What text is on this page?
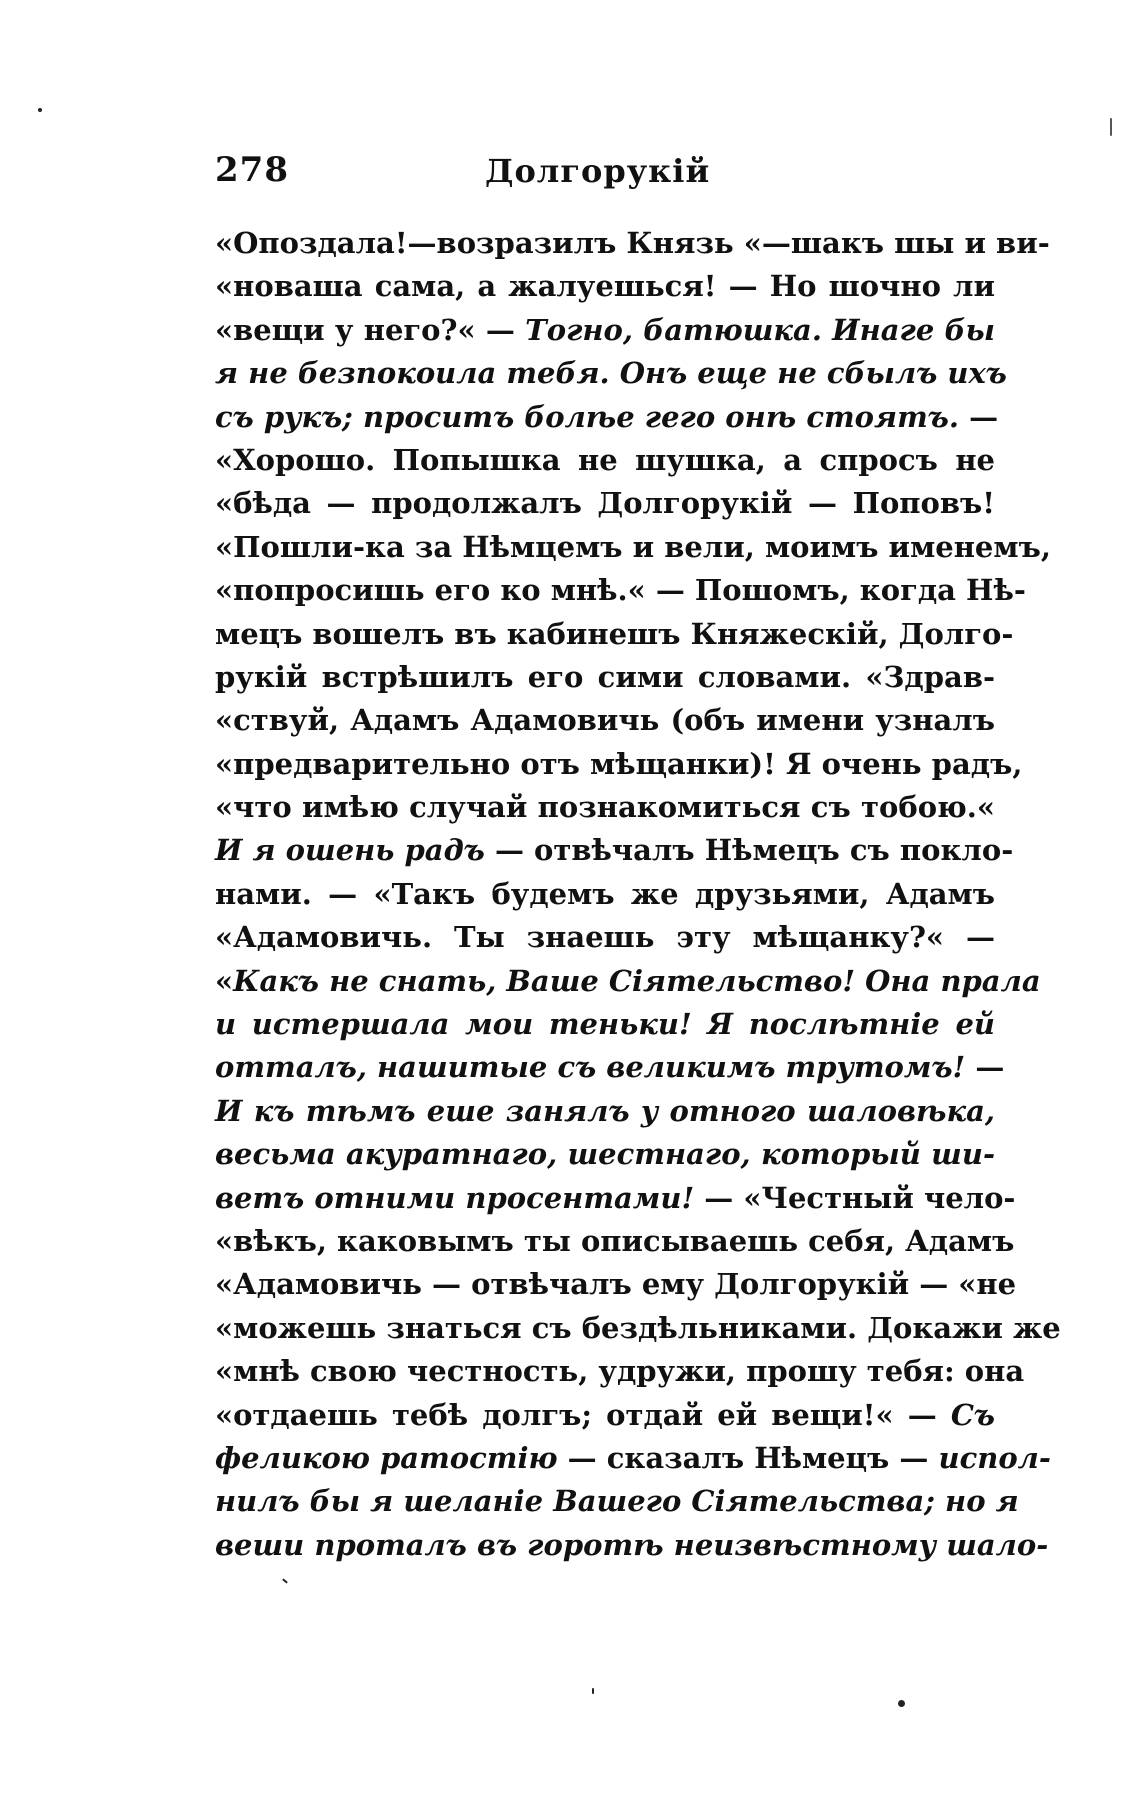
278	Долгорукій
«Опоздала!—возразилъ Князь «—шакъ шы и ви-
«новаша сама, а жалуешься! — Но шочно ли
«вещи у него?« — Тогно, батюшка. Инаге бы
я не безпокоила тебя. Онъ еще не сбылъ ихъ
съ рукъ; проситъ болѣе гего онѣ стоятъ. —
«Хорошо. Попышка не шушка, а спросъ не
«бѣда — продолжалъ Долгорукій — Поповъ!
«Пошли-ка за Нѣмцемъ и вели, моимъ именемъ,
«попросишь его ко мнѣ.« — Пошомъ, когда Нѣ-
мецъ вошелъ въ кабинешъ Княжескій, Долго-
рукій встрѣшилъ его сими словами. «Здрав-
«ствуй, Адамъ Адамовичь (объ имени узналъ
«предварительно отъ мѣщанки)! Я очень радъ,
«что имѣю случай познакомиться съ тобою.«
И я ошень радъ — отвѣчалъ Нѣмецъ съ покло-
нами. — «Такъ будемъ же друзьями, Адамъ
«Адамовичь. Ты знаешь эту мѣщанку?« —
«Какъ не снать, Ваше Сіятельство! Она прала
и истершала мои теньки! Я послѣтніе ей
отталъ, нашитые съ великимъ трутомъ! —
И къ тѣмъ еше занялъ у отного шаловѣка,
весьма акуратнаго, шестнаго, который ши-
ветъ отними просентами! — «Честный чело-
«вѣкъ, каковымъ ты описываешь себя, Адамъ
«Адамовичь — отвѣчалъ ему Долгорукій — «не
«можешь знаться съ бездѣльниками. Докажи же
«мнѣ свою честность, удружи, прошу тебя: она
«отдаешь тебѣ долгъ; отдай ей вещи!« — Съ
феликою ратостію — сказалъ Нѣмецъ — испол-
нилъ бы я шеланіе Вашего Сіятельства; но я
веши проталъ въ горотѣ неизвѣстному шало-
